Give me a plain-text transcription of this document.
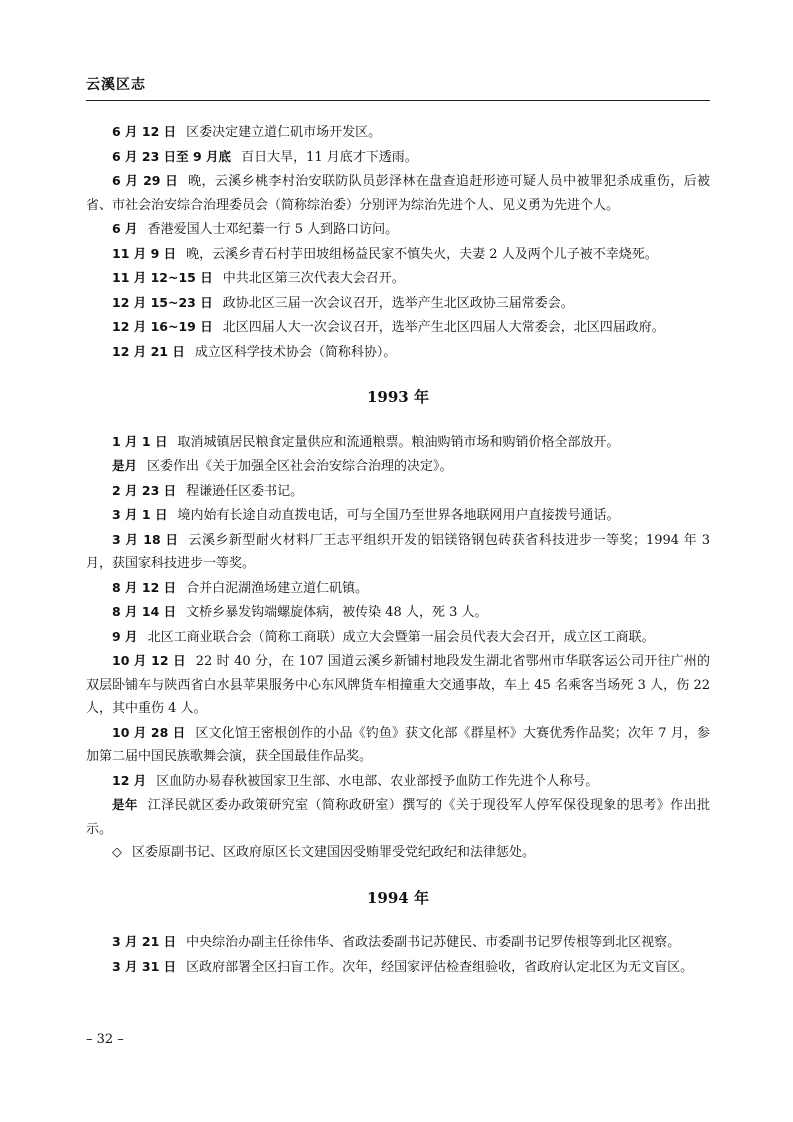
云溪区志

6 月 12 日 区委决定建立道仁矶市场开发区。

6 月 23 日至 9 月底 百日大旱，11 月底才下透雨。

6 月 29 日 晚，云溪乡桃李村治安联防队员彭泽林在盘查追赶形迹可疑人员中被罪犯杀成重伤，后被省、市社会治安综合治理委员会（简称综治委）分别评为综治先进个人、见义勇为先进个人。

6 月 香港爱国人士邓纪蓁一行 5 人到路口访问。

11 月 9 日 晚，云溪乡青石村芋田坡组杨益民家不慎失火，夫妻 2 人及两个儿子被不幸烧死。

11 月 12~15 日 中共北区第三次代表大会召开。

12 月 15~23 日 政协北区三届一次会议召开，选举产生北区政协三届常委会。

12 月 16~19 日 北区四届人大一次会议召开，选举产生北区四届人大常委会，北区四届政府。

12 月 21 日 成立区科学技术协会（简称科协）。

1993 年

1 月 1 日 取消城镇居民粮食定量供应和流通粮票。粮油购销市场和购销价格全部放开。

是月 区委作出《关于加强全区社会治安综合治理的决定》。

2 月 23 日 程谦逊任区委书记。

3 月 1 日 境内始有长途自动直拨电话，可与全国乃至世界各地联网用户直接拨号通话。

3 月 18 日 云溪乡新型耐火材料厂王志平组织开发的铝镁铬钢包砖获省科技进步一等奖；1994 年 3 月，获国家科技进步一等奖。

8 月 12 日 合并白泥湖渔场建立道仁矶镇。

8 月 14 日 文桥乡暴发钩端螺旋体病，被传染 48 人，死 3 人。

9 月 北区工商业联合会（简称工商联）成立大会暨第一届会员代表大会召开，成立区工商联。

10 月 12 日 22 时 40 分，在 107 国道云溪乡新铺村地段发生湖北省鄂州市华联客运公司开往广州的双层卧铺车与陕西省白水县苹果服务中心东风牌货车相撞重大交通事故，车上 45 名乘客当场死 3 人，伤 22 人，其中重伤 4 人。

10 月 28 日 区文化馆王密根创作的小品《钓鱼》获文化部《群星杯》大赛优秀作品奖；次年 7 月，参加第二届中国民族歌舞会演，获全国最佳作品奖。

12 月 区血防办易春秋被国家卫生部、水电部、农业部授予血防工作先进个人称号。

是年 江泽民就区委办政策研究室（简称政研室）撰写的《关于现役军人停军保役现象的思考》作出批示。

◇ 区委原副书记、区政府原区长文建国因受贿罪受党纪政纪和法律惩处。

1994 年

3 月 21 日 中央综治办副主任徐伟华、省政法委副书记苏健民、市委副书记罗传根等到北区视察。

3 月 31 日 区政府部署全区扫盲工作。次年，经国家评估检查组验收，省政府认定北区为无文盲区。

– 32 –
